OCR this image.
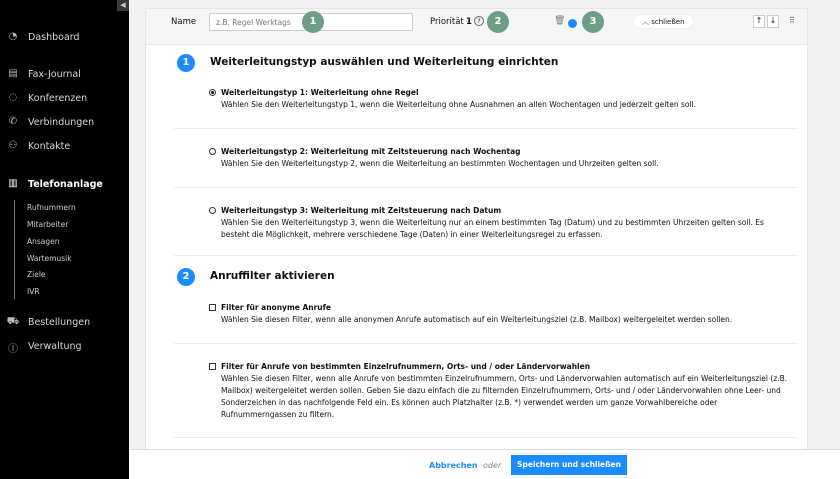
◀
◔ Dashboard
▤ Fax-Journal
◌ Konferenzen
✆ Verbindungen
⚇ Kontakte
▥ Telefonanlage
Rufnummern
Mitarbeiter
Ansagen
Wartemusik
Ziele
IVR
⛟ Bestellungen
Ⓘ Verwaltung
Name
z.B. Regel Werktags	1	Priorität 1 ?	2	🗑	3	︿ schließen	↑ ↓	⠿
1	Weiterleitungstyp auswählen und Weiterleitung einrichten
Weiterleitungstyp 1: Weiterleitung ohne Regel
Wählen Sie den Weiterleitungstyp 1, wenn die Weiterleitung ohne Ausnahmen an allen Wochentagen und jederzeit gelten soll.
Weiterleitungstyp 2: Weiterleitung mit Zeitsteuerung nach Wochentag
Wählen Sie den Weiterleitungstyp 2, wenn die Weiterleitung an bestimmten Wochentagen und Uhrzeiten gelten soll.
Weiterleitungstyp 3: Weiterleitung mit Zeitsteuerung nach Datum
Wählen Sie den Weiterleitungstyp 3, wenn die Weiterleitung nur an einem bestimmten Tag (Datum) und zu bestimmten Uhrzeiten gelten soll. Es besteht die Möglichkeit, mehrere verschiedene Tage (Daten) in einer Weiterleitungsregel zu erfassen.
2	Anruffilter aktivieren
Filter für anonyme Anrufe
Wählen Sie diesen Filter, wenn alle anonymen Anrufe automatisch auf ein Weiterleitungsziel (z.B. Mailbox) weitergeleitet werden sollen.
Filter für Anrufe von bestimmten Einzelrufnummern, Orts- und / oder Ländervorwahlen
Wählen Sie diesen Filter, wenn alle Anrufe von bestimmten Einzelrufnummern, Orts- und Ländervorwahlen automatisch auf ein Weiterleitungsziel (z.B. Mailbox) weitergeleitet werden sollen. Geben Sie dazu einfach die zu filternden Einzelrufnummern, Orts- und / oder Ländervorwahlen ohne Leer- und Sonderzeichen in das nachfolgende Feld ein. Es können auch Platzhalter (z.B. *) verwendet werden um ganze Vorwahlbereiche oder Rufnummerngassen zu filtern.
Abbrechen oder	Speichern und schließen
